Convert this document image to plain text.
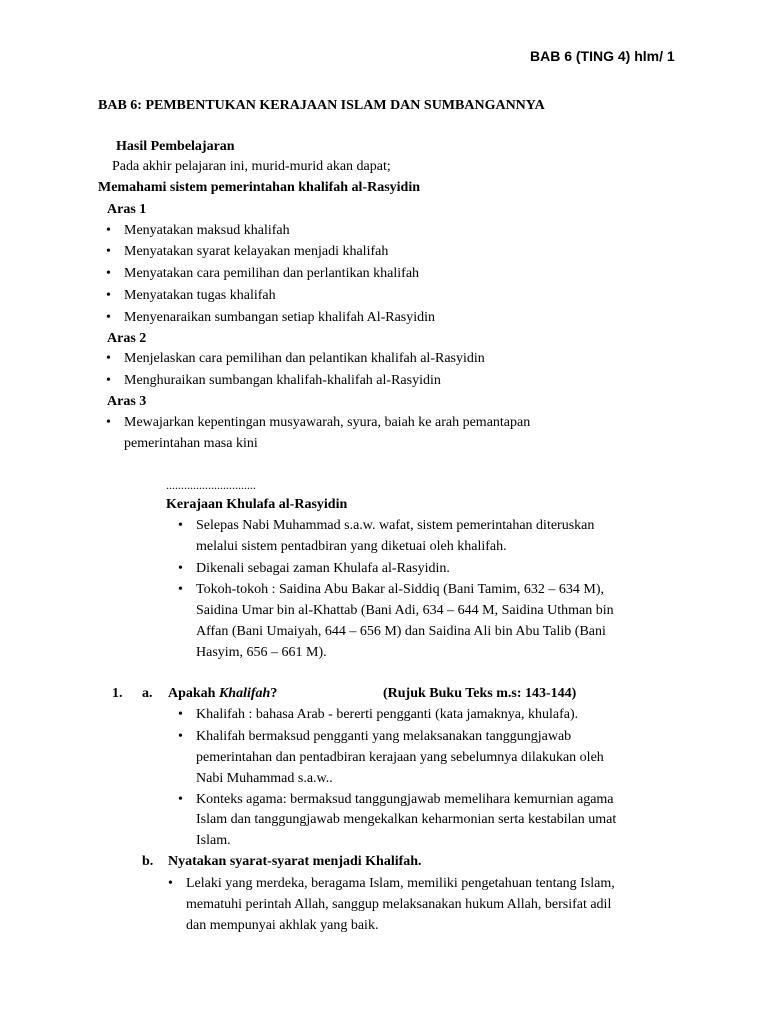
BAB 6 (TING 4) hlm/ 1
BAB 6: PEMBENTUKAN KERAJAAN ISLAM DAN SUMBANGANNYA
Hasil Pembelajaran
Pada akhir pelajaran ini, murid-murid akan dapat;
Memahami sistem pemerintahan khalifah al-Rasyidin
Aras 1
• Menyatakan maksud khalifah
• Menyatakan syarat kelayakan menjadi khalifah
• Menyatakan cara pemilihan dan perlantikan khalifah
• Menyatakan tugas khalifah
• Menyenaraikan sumbangan setiap khalifah Al-Rasyidin
Aras 2
• Menjelaskan cara pemilihan dan pelantikan khalifah al-Rasyidin
• Menghuraikan sumbangan khalifah-khalifah al-Rasyidin
Aras 3
• Mewajarkan kepentingan musyawarah, syura, baiah ke arah pemantapan
pemerintahan masa kini
..............................
Kerajaan Khulafa al-Rasyidin
• Selepas Nabi Muhammad s.a.w. wafat, sistem pemerintahan diteruskan
melalui sistem pentadbiran yang diketuai oleh khalifah.
• Dikenali sebagai zaman Khulafa al-Rasyidin.
• Tokoh-tokoh : Saidina Abu Bakar al-Siddiq (Bani Tamim, 632 – 634 M),
Saidina Umar bin al-Khattab (Bani Adi, 634 – 644 M, Saidina Uthman bin
Affan (Bani Umaiyah, 644 – 656 M) dan Saidina Ali bin Abu Talib (Bani
Hasyim, 656 – 661 M).
1. a. Apakah Khalifah?	(Rujuk Buku Teks m.s: 143-144)
• Khalifah : bahasa Arab - bererti pengganti (kata jamaknya, khulafa).
• Khalifah bermaksud pengganti yang melaksanakan tanggungjawab
pemerintahan dan pentadbiran kerajaan yang sebelumnya dilakukan oleh
Nabi Muhammad s.a.w..
• Konteks agama: bermaksud tanggungjawab memelihara kemurnian agama
Islam dan tanggungjawab mengekalkan keharmonian serta kestabilan umat
Islam.
b. Nyatakan syarat-syarat menjadi Khalifah.
• Lelaki yang merdeka, beragama Islam, memiliki pengetahuan tentang Islam,
mematuhi perintah Allah, sanggup melaksanakan hukum Allah, bersifat adil
dan mempunyai akhlak yang baik.
